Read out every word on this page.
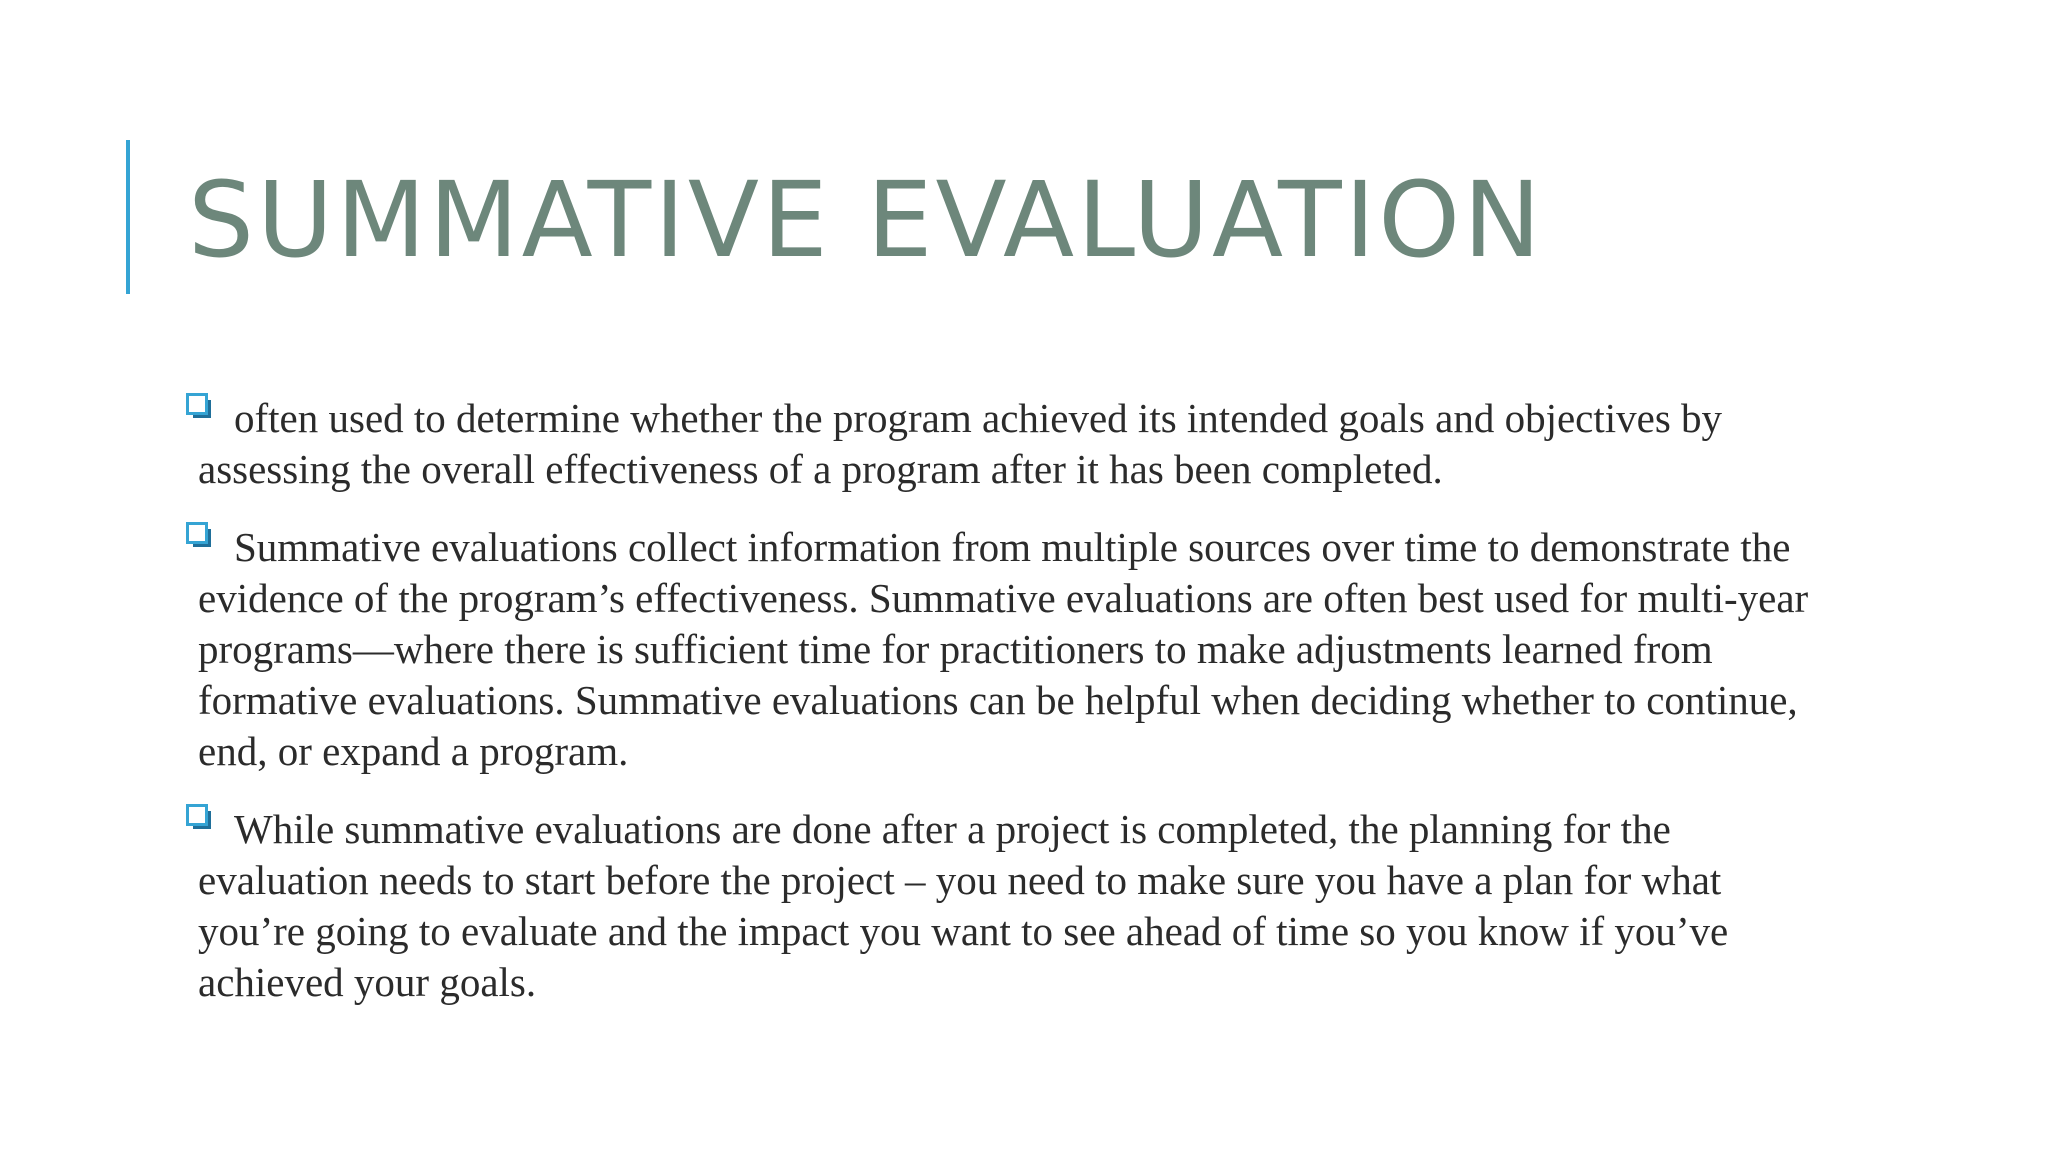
SUMMATIVE EVALUATION
often used to determine whether the program achieved its intended goals and objectives by assessing the overall effectiveness of a program after it has been completed.
Summative evaluations collect information from multiple sources over time to demonstrate the evidence of the program’s effectiveness. Summative evaluations are often best used for multi-year programs—where there is sufficient time for practitioners to make adjustments learned from formative evaluations. Summative evaluations can be helpful when deciding whether to continue, end, or expand a program.
While summative evaluations are done after a project is completed, the planning for the evaluation needs to start before the project – you need to make sure you have a plan for what you’re going to evaluate and the impact you want to see ahead of time so you know if you’ve achieved your goals.
